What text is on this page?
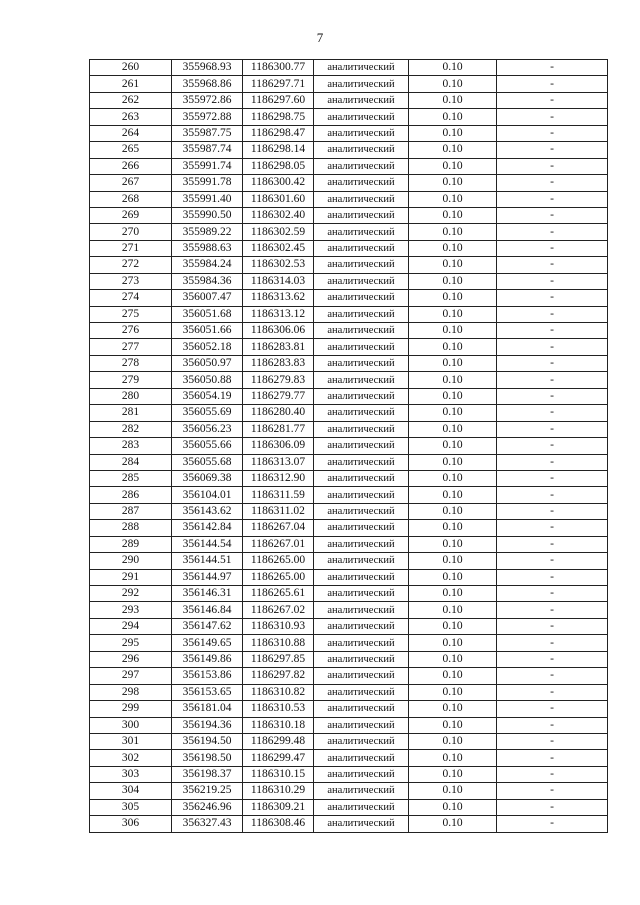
7
260	355968.93	1186300.77	аналитический	0.10	-
261	355968.86	1186297.71	аналитический	0.10	-
262	355972.86	1186297.60	аналитический	0.10	-
263	355972.88	1186298.75	аналитический	0.10	-
264	355987.75	1186298.47	аналитический	0.10	-
265	355987.74	1186298.14	аналитический	0.10	-
266	355991.74	1186298.05	аналитический	0.10	-
267	355991.78	1186300.42	аналитический	0.10	-
268	355991.40	1186301.60	аналитический	0.10	-
269	355990.50	1186302.40	аналитический	0.10	-
270	355989.22	1186302.59	аналитический	0.10	-
271	355988.63	1186302.45	аналитический	0.10	-
272	355984.24	1186302.53	аналитический	0.10	-
273	355984.36	1186314.03	аналитический	0.10	-
274	356007.47	1186313.62	аналитический	0.10	-
275	356051.68	1186313.12	аналитический	0.10	-
276	356051.66	1186306.06	аналитический	0.10	-
277	356052.18	1186283.81	аналитический	0.10	-
278	356050.97	1186283.83	аналитический	0.10	-
279	356050.88	1186279.83	аналитический	0.10	-
280	356054.19	1186279.77	аналитический	0.10	-
281	356055.69	1186280.40	аналитический	0.10	-
282	356056.23	1186281.77	аналитический	0.10	-
283	356055.66	1186306.09	аналитический	0.10	-
284	356055.68	1186313.07	аналитический	0.10	-
285	356069.38	1186312.90	аналитический	0.10	-
286	356104.01	1186311.59	аналитический	0.10	-
287	356143.62	1186311.02	аналитический	0.10	-
288	356142.84	1186267.04	аналитический	0.10	-
289	356144.54	1186267.01	аналитический	0.10	-
290	356144.51	1186265.00	аналитический	0.10	-
291	356144.97	1186265.00	аналитический	0.10	-
292	356146.31	1186265.61	аналитический	0.10	-
293	356146.84	1186267.02	аналитический	0.10	-
294	356147.62	1186310.93	аналитический	0.10	-
295	356149.65	1186310.88	аналитический	0.10	-
296	356149.86	1186297.85	аналитический	0.10	-
297	356153.86	1186297.82	аналитический	0.10	-
298	356153.65	1186310.82	аналитический	0.10	-
299	356181.04	1186310.53	аналитический	0.10	-
300	356194.36	1186310.18	аналитический	0.10	-
301	356194.50	1186299.48	аналитический	0.10	-
302	356198.50	1186299.47	аналитический	0.10	-
303	356198.37	1186310.15	аналитический	0.10	-
304	356219.25	1186310.29	аналитический	0.10	-
305	356246.96	1186309.21	аналитический	0.10	-
306	356327.43	1186308.46	аналитический	0.10	-
